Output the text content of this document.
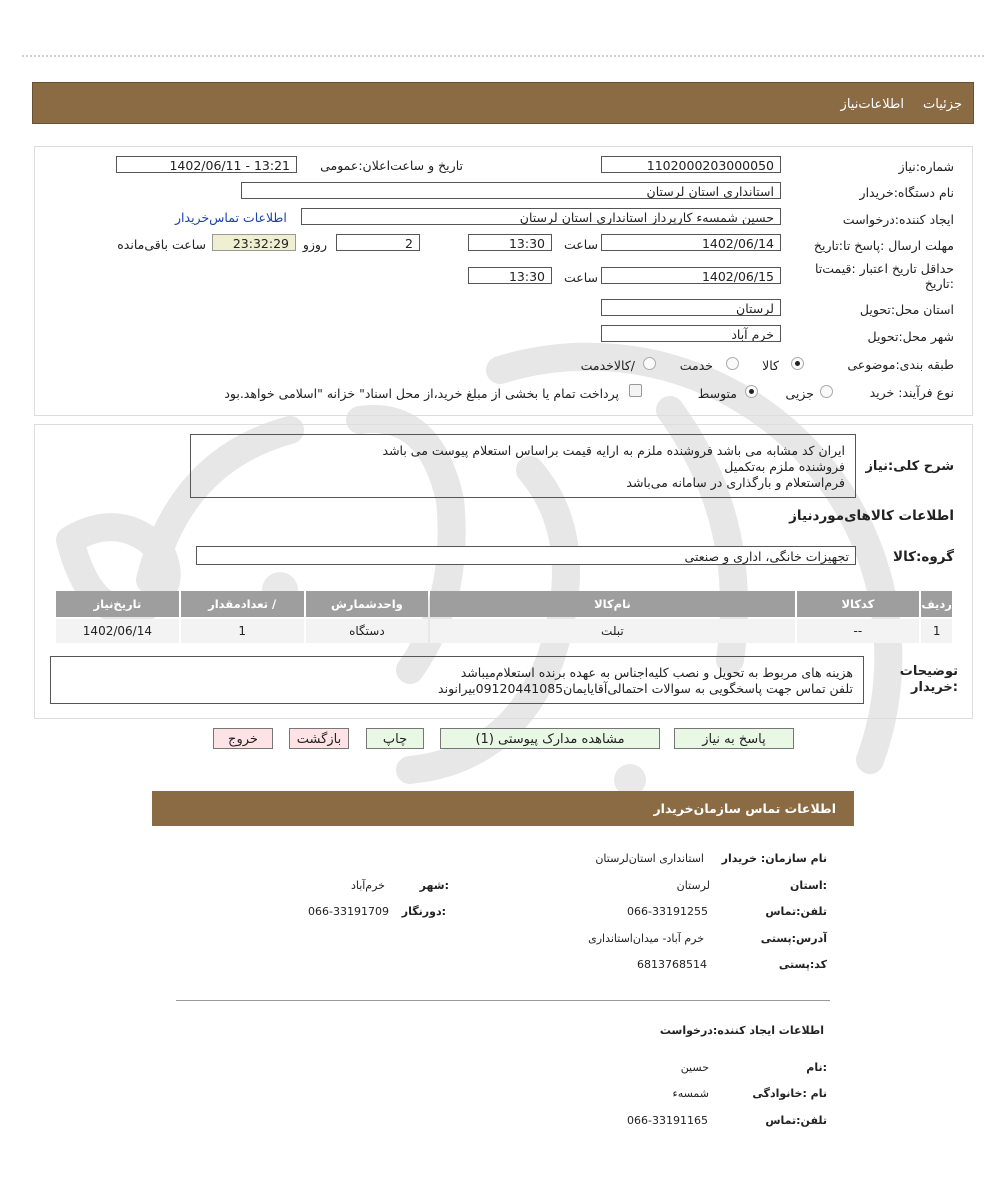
جزئیات
اطلاعات‌نیاز
شماره:نیاز
1102000203000050
تاریخ و ساعت‌اعلان:عمومی
1402/06/11 - 13:21
نام دستگاه:خریدار
استانداری استان لرستان
ایجاد کننده:درخواست
حسین شمسه‌ء کارپرداز استانداری استان لرستان
اطلاعات تماس‌خریدار
مهلت ارسال :پاسخ تا:تاریخ
1402/06/14
ساعت
13:30
2
روزو
23:32:29
ساعت باقی‌مانده
حداقل تاریخ اعتبار :قیمت‌تا :تاریخ
1402/06/15
ساعت
13:30
استان محل:تحویل
لرستان
شهر محل:تحویل
خرم آباد
طبقه بندی:موضوعی
کالا
خدمت
/کالاخدمت
نوع فرآیند: خرید
جزیی
متوسط
پرداخت تمام یا بخشی از مبلغ خرید،از محل اسناد" خزانه "اسلامی خواهد.بود
شرح کلی:نیاز
ایران کد مشابه می باشد فروشنده ملزم به ارایه قیمت براساس استعلام پیوست می باشد
فروشنده ملزم به‌تکمیل
فرم‌استعلام و بارگذاری در سامانه می‌باشد
اطلاعات کالاهای‌موردنیاز
گروه:کالا
تجهیزات خانگی، اداری و صنعتی
ردیف	کدکالا	نام‌کالا	واحدشمارش	/ تعدادمقدار	تاریخ‌نیاز
1	--	تبلت	دستگاه	1	1402/06/14
توضیحات :خریدار
هزینه های مربوط به تحویل و نصب کلیه‌اجناس به عهده برنده استعلام‌میباشد
تلفن تماس جهت پاسخگویی به سوالات احتمالی‌آقایایمان09120441085بیرانوند
پاسخ به نیاز
مشاهده مدارک پیوستی (1)
چاپ
بازگشت
خروج
اطلاعات تماس سازمان‌خریدار
نام سازمان: خریدار
استانداری استان‌لرستان
:استان
لرستان
:شهر
خرم‌آباد
تلفن:تماس
066-33191255
:دورنگار
066-33191709
آدرس:پستی
خرم آباد- میدان‌استانداری
کد:پستی
6813768514
اطلاعات ایجاد کننده:درخواست
:نام
حسین
نام :خانوادگی
شمسه‌ء
تلفن:تماس
066-33191165
